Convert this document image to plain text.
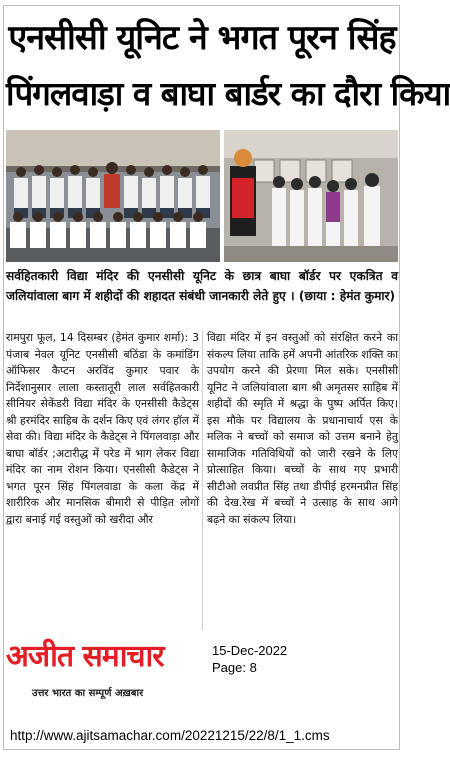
एनसीसी यूनिट ने भगत पूरन सिंह
पिंगलवाड़ा व बाघा बार्डर का दौरा किया
सर्वहितकारी विद्या मंदिर की एनसीसी यूनिट के छात्र बाघा बॉर्डर पर एकत्रित व जलियांवाला बाग में शहीदों की शहादत संबंधी जानकारी लेते हुए । (छाया : हेमंत कुमार)
रामपुरा फूल, 14 दिसम्बर (हेमंत कुमार शर्मा): 3 पंजाब नेवल यूनिट एनसीसी बठिंडा के कमांडिंग ऑफिसर कैप्टन अरविंद कुमार पवार के निर्देशानुसार लाला कस्तातूरी लाल सर्वहितकारी सीनियर सेकेंडरी विद्या मंदिर के एनसीसी कैडेट्स श्री हरमंदिर साहिब के दर्शन किए एवं लंगर हॉल में सेवा की। विद्या मंदिर के कैडेट्स ने पिंगलवाड़ा और बाघा बॉर्डर ;अटारीद्ध में परेड में भाग लेकर विद्या मंदिर का नाम रोशन किया। एनसीसी कैडेट्स ने भगत पूरन सिंह पिंगलवाडा के कला केंद्र में शारीरिक और मानसिक बीमारी से पीड़ित लोगों द्वारा बनाई गई वस्तुओं को खरीदा और
विद्या मंदिर में इन वस्तुओं को संरक्षित करने का संकल्प लिया ताकि हमें अपनी आंतरिक शक्ति का उपयोग करने की प्रेरणा मिल सके। एनसीसी यूनिट ने जलियांवाला बाग श्री अमृतसर साहिब में शहीदों की स्मृति में श्रद्धा के पुष्प अर्पित किए। इस मौके पर विद्यालय के प्रधानाचार्य एस के मलिक ने बच्चों को समाज को उत्तम बनाने हेतु सामाजिक गतिविधियों को जारी रखने के लिए प्रोत्साहित किया। बच्चों के साथ गए प्रभारी सीटीओ लवप्रीत सिंह तथा डीपीई हरमनप्रीत सिंह की देख.रेख में बच्चों ने उत्साह के साथ आगे बढ़ने का संकल्प लिया।
अजीत समाचार
उत्तर भारत का सम्पूर्ण अख़बार
15-Dec-2022
Page: 8
http://www.ajitsamachar.com/20221215/22/8/1_1.cms
